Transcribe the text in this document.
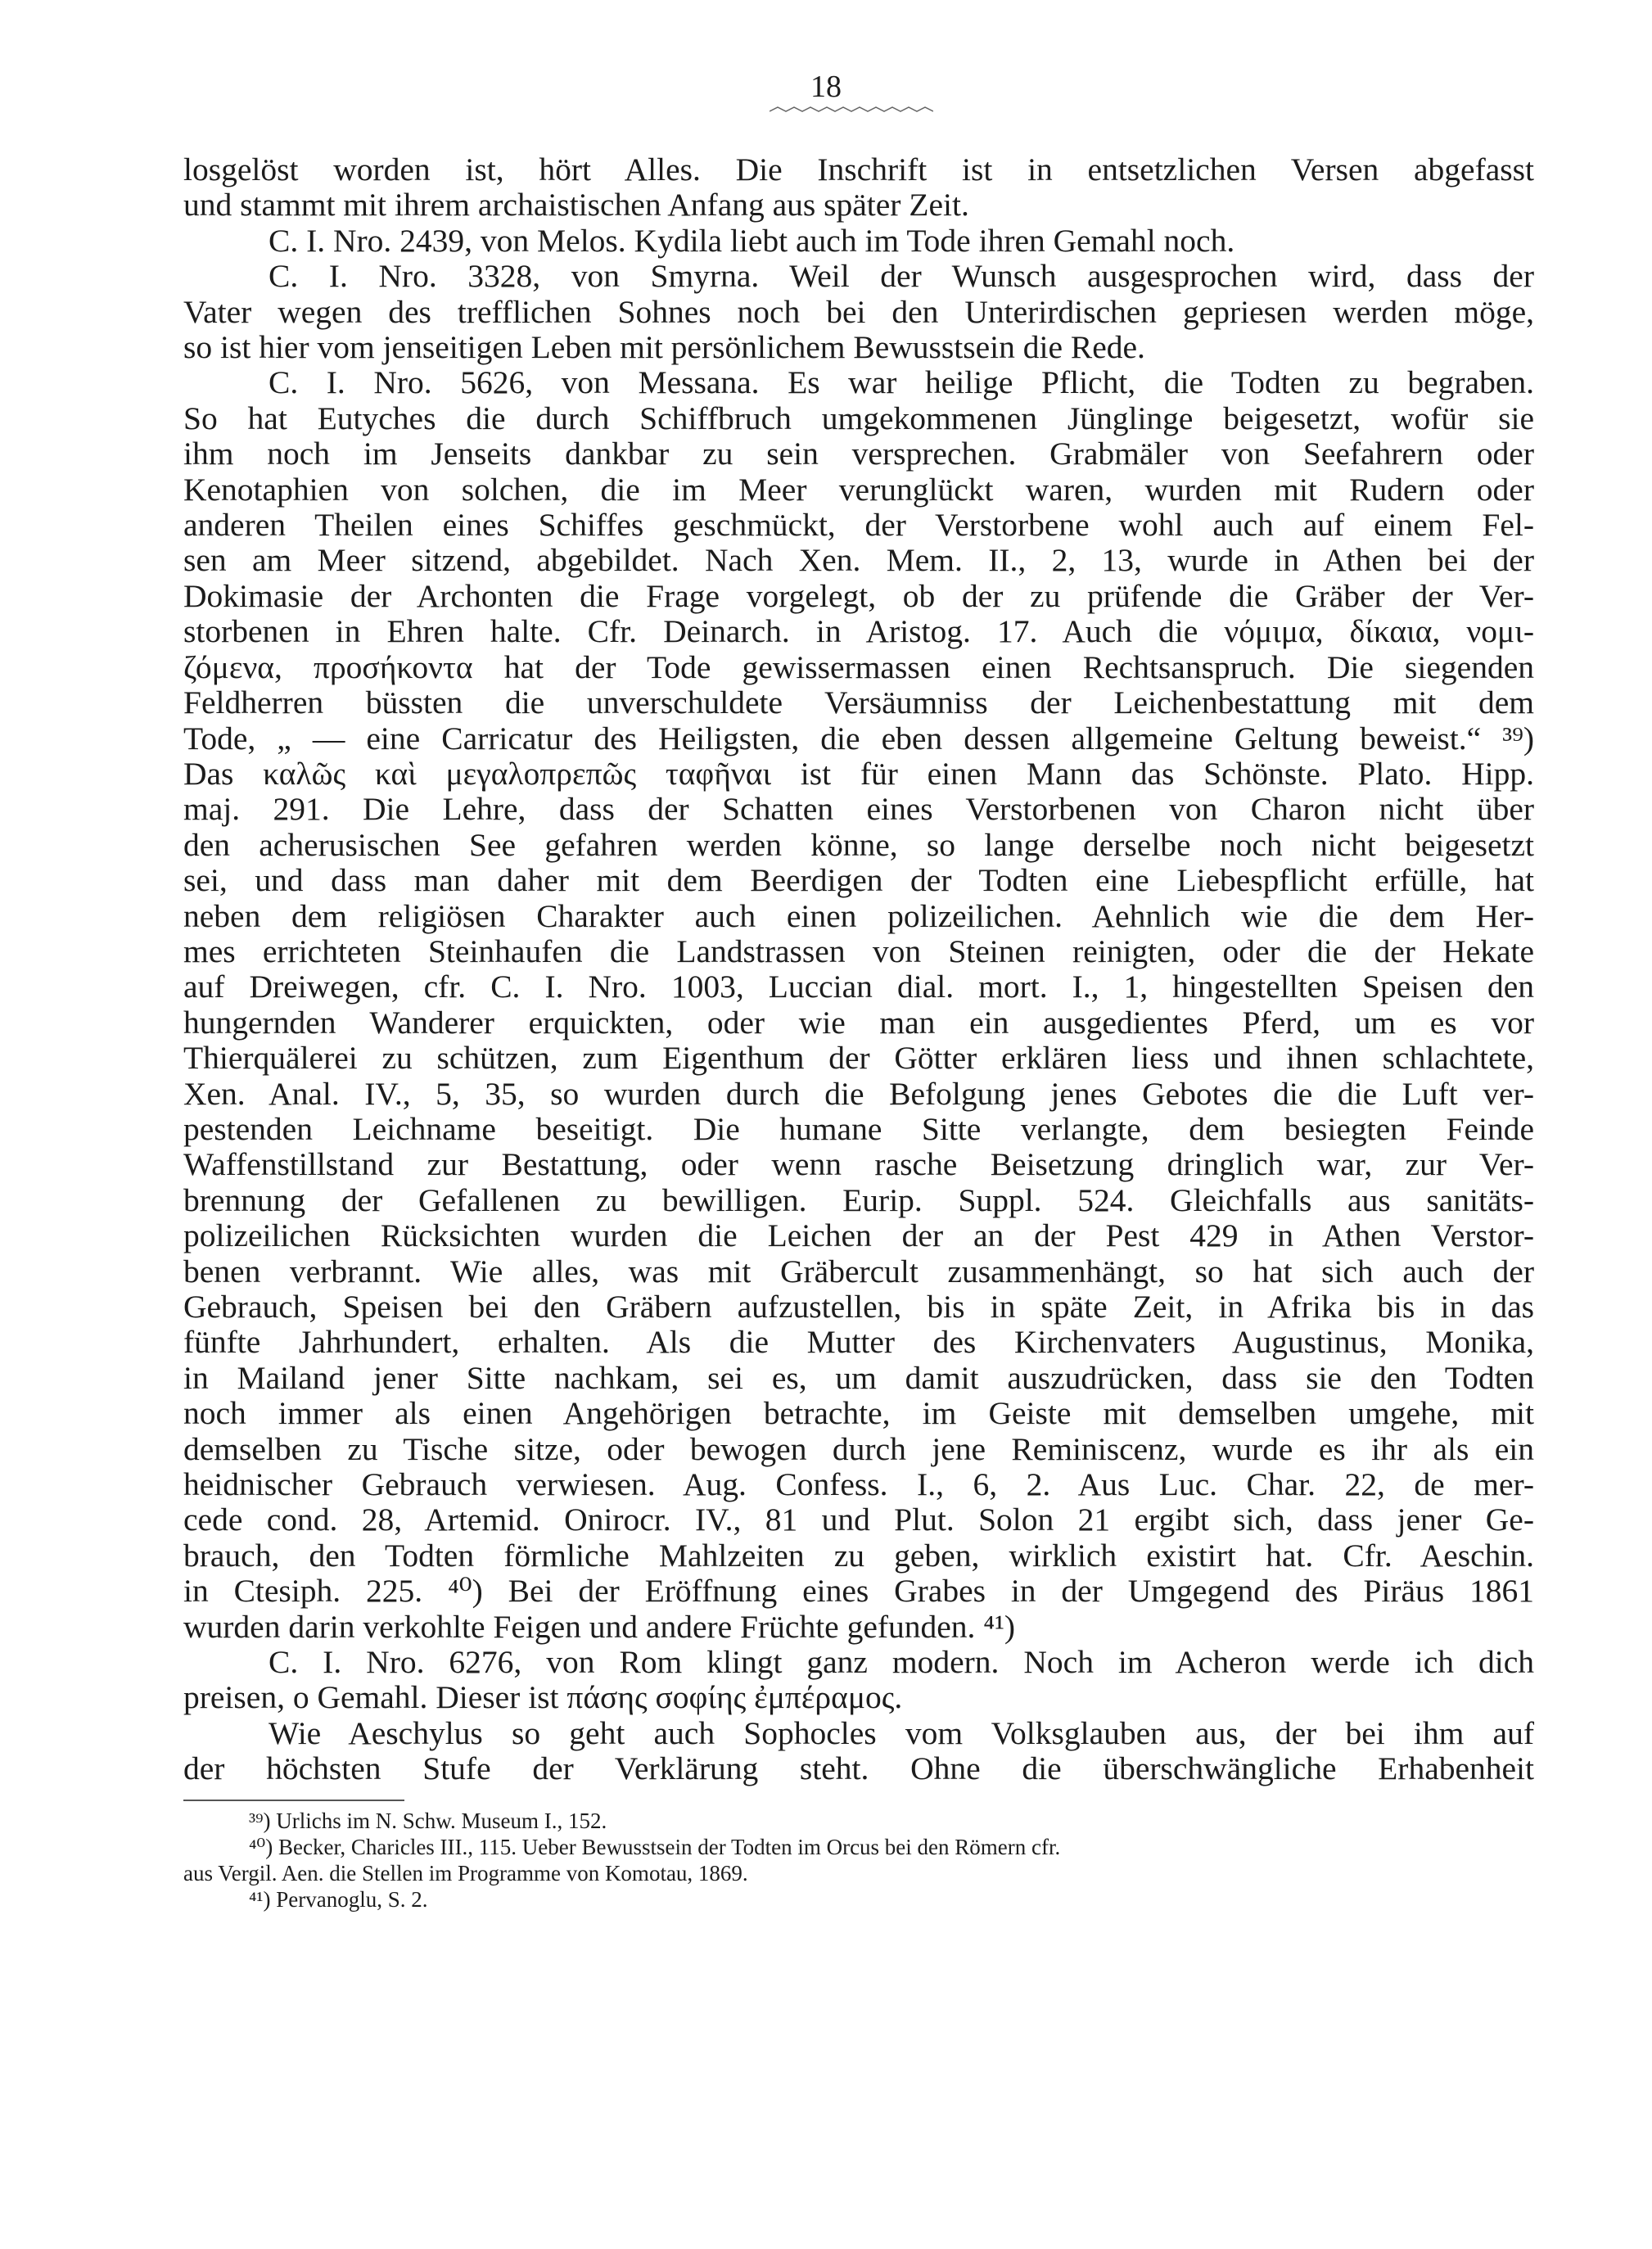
18
losgelöst worden ist, hört Alles. Die Inschrift ist in entsetzlichen Versen abgefasst
und stammt mit ihrem archaistischen Anfang aus später Zeit.
C. I. Nro. 2439, von Melos. Kydila liebt auch im Tode ihren Gemahl noch.
C. I. Nro. 3328, von Smyrna. Weil der Wunsch ausgesprochen wird, dass der
Vater wegen des trefflichen Sohnes noch bei den Unterirdischen gepriesen werden möge,
so ist hier vom jenseitigen Leben mit persönlichem Bewusstsein die Rede.
C. I. Nro. 5626, von Messana. Es war heilige Pflicht, die Todten zu begraben.
So hat Eutyches die durch Schiffbruch umgekommenen Jünglinge beigesetzt, wofür sie
ihm noch im Jenseits dankbar zu sein versprechen. Grabmäler von Seefahrern oder
Kenotaphien von solchen, die im Meer verunglückt waren, wurden mit Rudern oder
anderen Theilen eines Schiffes geschmückt, der Verstorbene wohl auch auf einem Fel-
sen am Meer sitzend, abgebildet. Nach Xen. Mem. II., 2, 13, wurde in Athen bei der
Dokimasie der Archonten die Frage vorgelegt, ob der zu prüfende die Gräber der Ver-
storbenen in Ehren halte. Cfr. Deinarch. in Aristog. 17. Auch die νόμιμα, δίκαια, νομι-
ζόμενα, προσήκοντα hat der Tode gewissermassen einen Rechtsanspruch. Die siegenden
Feldherren büssten die unverschuldete Versäumniss der Leichenbestattung mit dem
Tode, „ — eine Carricatur des Heiligsten, die eben dessen allgemeine Geltung beweist.“ ³⁹)
Das καλῶς καὶ μεγαλοπρεπῶς ταφῆναι ist für einen Mann das Schönste. Plato. Hipp.
maj. 291. Die Lehre, dass der Schatten eines Verstorbenen von Charon nicht über
den acherusischen See gefahren werden könne, so lange derselbe noch nicht beigesetzt
sei, und dass man daher mit dem Beerdigen der Todten eine Liebespflicht erfülle, hat
neben dem religiösen Charakter auch einen polizeilichen. Aehnlich wie die dem Her-
mes errichteten Steinhaufen die Landstrassen von Steinen reinigten, oder die der Hekate
auf Dreiwegen, cfr. C. I. Nro. 1003, Luccian dial. mort. I., 1, hingestellten Speisen den
hungernden Wanderer erquickten, oder wie man ein ausgedientes Pferd, um es vor
Thierquälerei zu schützen, zum Eigenthum der Götter erklären liess und ihnen schlachtete,
Xen. Anal. IV., 5, 35, so wurden durch die Befolgung jenes Gebotes die die Luft ver-
pestenden Leichname beseitigt. Die humane Sitte verlangte, dem besiegten Feinde
Waffenstillstand zur Bestattung, oder wenn rasche Beisetzung dringlich war, zur Ver-
brennung der Gefallenen zu bewilligen. Eurip. Suppl. 524. Gleichfalls aus sanitäts-
polizeilichen Rücksichten wurden die Leichen der an der Pest 429 in Athen Verstor-
benen verbrannt. Wie alles, was mit Gräbercult zusammenhängt, so hat sich auch der
Gebrauch, Speisen bei den Gräbern aufzustellen, bis in späte Zeit, in Afrika bis in das
fünfte Jahrhundert, erhalten. Als die Mutter des Kirchenvaters Augustinus, Monika,
in Mailand jener Sitte nachkam, sei es, um damit auszudrücken, dass sie den Todten
noch immer als einen Angehörigen betrachte, im Geiste mit demselben umgehe, mit
demselben zu Tische sitze, oder bewogen durch jene Reminiscenz, wurde es ihr als ein
heidnischer Gebrauch verwiesen. Aug. Confess. I., 6, 2. Aus Luc. Char. 22, de mer-
cede cond. 28, Artemid. Onirocr. IV., 81 und Plut. Solon 21 ergibt sich, dass jener Ge-
brauch, den Todten förmliche Mahlzeiten zu geben, wirklich existirt hat. Cfr. Aeschin.
in Ctesiph. 225. ⁴⁰) Bei der Eröffnung eines Grabes in der Umgegend des Piräus 1861
wurden darin verkohlte Feigen und andere Früchte gefunden. ⁴¹)
C. I. Nro. 6276, von Rom klingt ganz modern. Noch im Acheron werde ich dich
preisen, o Gemahl. Dieser ist πάσης σοφίης ἐμπέραμος.
Wie Aeschylus so geht auch Sophocles vom Volksglauben aus, der bei ihm auf
der höchsten Stufe der Verklärung steht. Ohne die überschwängliche Erhabenheit
³⁹) Urlichs im N. Schw. Museum I., 152.
⁴⁰) Becker, Charicles III., 115. Ueber Bewusstsein der Todten im Orcus bei den Römern cfr.
aus Vergil. Aen. die Stellen im Programme von Komotau, 1869.
⁴¹) Pervanoglu, S. 2.
